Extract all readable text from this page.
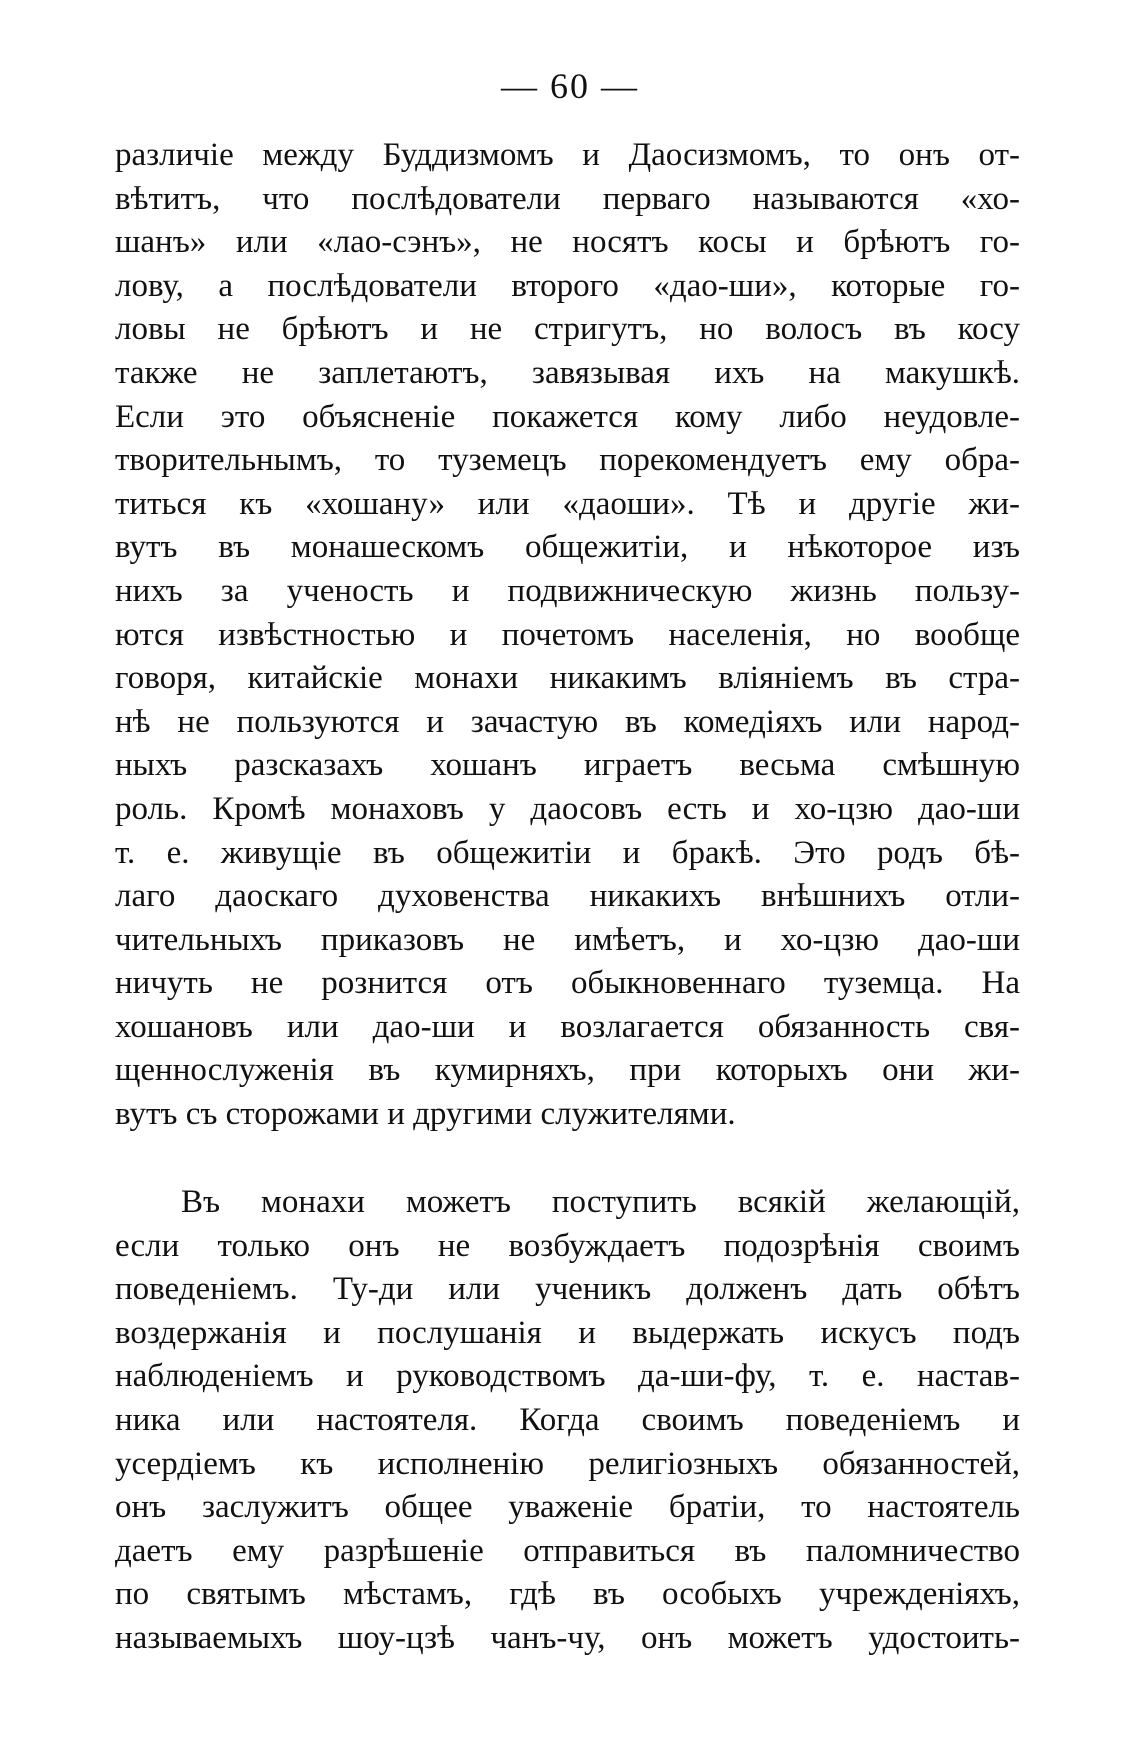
— 60 —
различіе между Буддизмомъ и Даосизмомъ, то онъ от-
вѣтитъ, что послѣдователи перваго называются «хо-
шанъ» или «лао-сэнъ», не носятъ косы и брѣютъ го-
лову, а послѣдователи второго «дао-ши», которые го-
ловы не брѣютъ и не стригутъ, но волосъ въ косу
также не заплетаютъ, завязывая ихъ на макушкѣ.
Если это объясненіе покажется кому либо неудовле-
творительнымъ, то туземецъ порекомендуетъ ему обра-
титься къ «хошану» или «даоши». Тѣ и другіе жи-
вутъ въ монашескомъ общежитіи, и нѣкоторое изъ
нихъ за ученость и подвижническую жизнь пользу-
ются извѣстностью и почетомъ населенія, но вообще
говоря, китайскіе монахи никакимъ вліяніемъ въ стра-
нѣ не пользуются и зачастую въ комедіяхъ или народ-
ныхъ разсказахъ хошанъ играетъ весьма смѣшную
роль. Кромѣ монаховъ у даосовъ есть и хо-цзю дао-ши
т. е. живущіе въ общежитіи и бракѣ. Это родъ бѣ-
лаго даоскаго духовенства никакихъ внѣшнихъ отли-
чительныхъ приказовъ не имѣетъ, и хо-цзю дао-ши
ничуть не рознится отъ обыкновеннаго туземца. На
хошановъ или дао-ши и возлагается обязанность свя-
щеннослуженія въ кумирняхъ, при которыхъ они жи-
вутъ съ сторожами и другими служителями.
Въ монахи можетъ поступить всякій желающій,
если только онъ не возбуждаетъ подозрѣнія своимъ
поведеніемъ. Ту-ди или ученикъ долженъ дать обѣтъ
воздержанія и послушанія и выдержать искусъ подъ
наблюденіемъ и руководствомъ да-ши-фу, т. е. настав-
ника или настоятеля. Когда своимъ поведеніемъ и
усердіемъ къ исполненію религіозныхъ обязанностей,
онъ заслужитъ общее уваженіе братіи, то настоятель
даетъ ему разрѣшеніе отправиться въ паломничество
по святымъ мѣстамъ, гдѣ въ особыхъ учрежденіяхъ,
называемыхъ шоу-цзѣ чанъ-чу, онъ можетъ удостоить-
